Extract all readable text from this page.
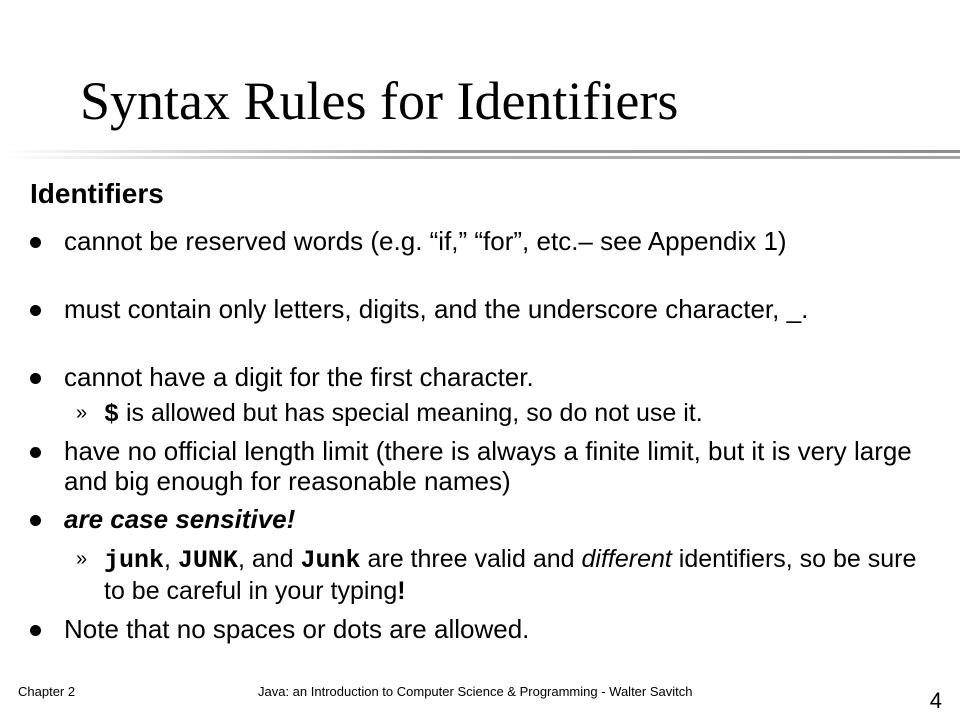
Syntax Rules for Identifiers
Identifiers
cannot be reserved words (e.g. “if,” “for”, etc.– see Appendix 1)
must contain only letters, digits, and the underscore character, _.
cannot have a digit for the first character.
» $ is allowed but has special meaning, so do not use it.
have no official length limit (there is always a finite limit, but it is very large and big enough for reasonable names)
are case sensitive!
» junk, JUNK, and Junk are three valid and different identifiers, so be sure to be careful in your typing!
Note that no spaces or dots are allowed.
Chapter 2	Java: an Introduction to Computer Science & Programming - Walter Savitch	4
